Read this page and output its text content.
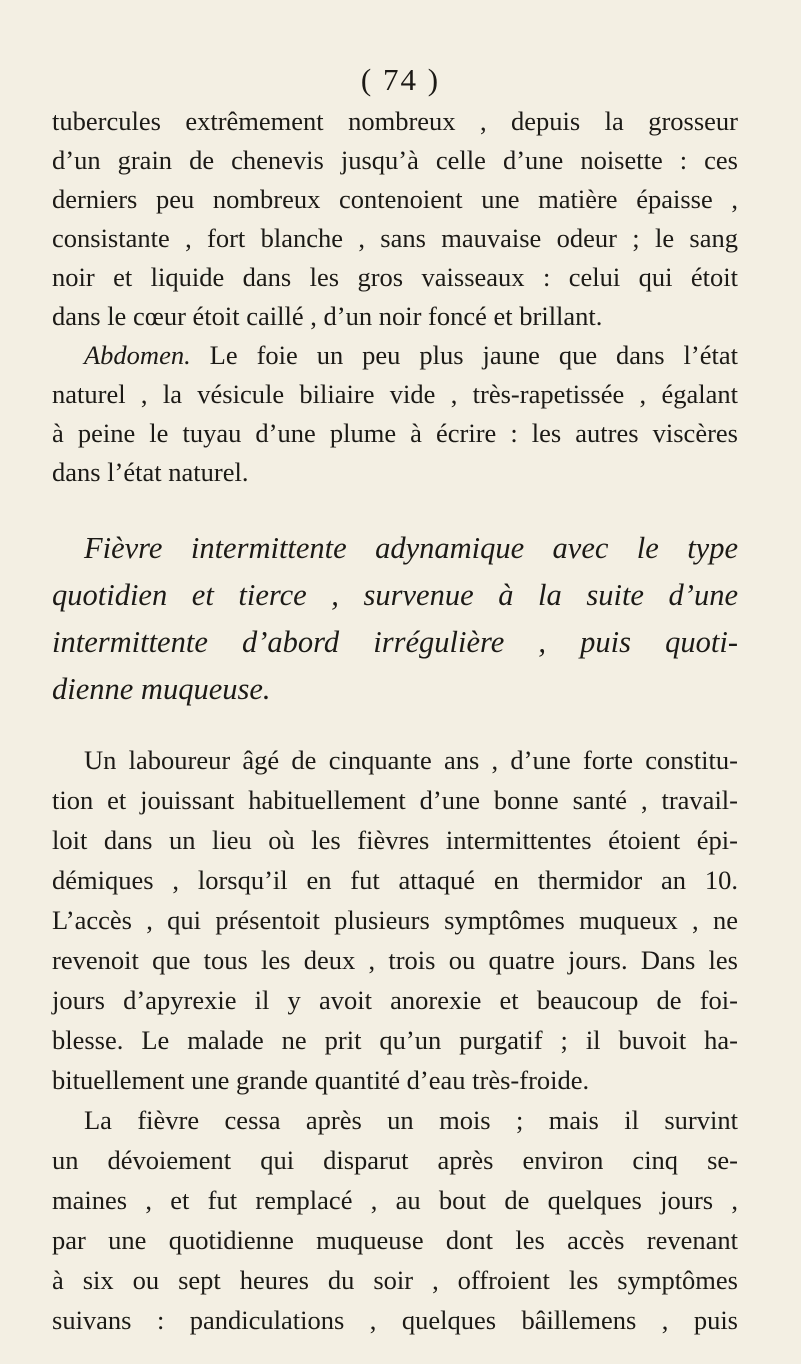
( 74 )
tubercules extrêmement nombreux , depuis la grosseur
d’un grain de chenevis jusqu’à celle d’une noisette : ces
derniers peu nombreux contenoient une matière épaisse ,
consistante , fort blanche , sans mauvaise odeur ; le sang
noir et liquide dans les gros vaisseaux : celui qui étoit
dans le cœur étoit caillé , d’un noir foncé et brillant.
Abdomen. Le foie un peu plus jaune que dans l’état
naturel , la vésicule biliaire vide , très-rapetissée , égalant
à peine le tuyau d’une plume à écrire : les autres viscères
dans l’état naturel.
Fièvre intermittente adynamique avec le type
quotidien et tierce , survenue à la suite d’une
intermittente d’abord irrégulière , puis quoti-
dienne muqueuse.
Un laboureur âgé de cinquante ans , d’une forte constitu-
tion et jouissant habituellement d’une bonne santé , travail-
loit dans un lieu où les fièvres intermittentes étoient épi-
démiques , lorsqu’il en fut attaqué en thermidor an 10.
L’accès , qui présentoit plusieurs symptômes muqueux , ne
revenoit que tous les deux , trois ou quatre jours. Dans les
jours d’apyrexie il y avoit anorexie et beaucoup de foi-
blesse. Le malade ne prit qu’un purgatif ; il buvoit ha-
bituellement une grande quantité d’eau très-froide.
La fièvre cessa après un mois ; mais il survint
un dévoiement qui disparut après environ cinq se-
maines , et fut remplacé , au bout de quelques jours ,
par une quotidienne muqueuse dont les accès revenant
à six ou sept heures du soir , offroient les symptômes
suivans : pandiculations , quelques bâillemens , puis
